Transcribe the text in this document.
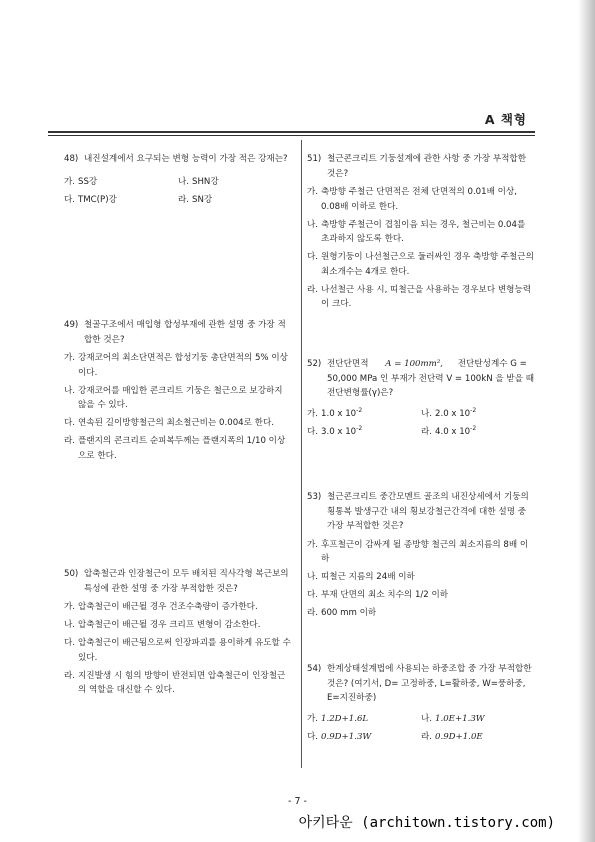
A 책형
48) 내진설계에서 요구되는 변형 능력이 가장 적은 강재는?
가. SS강	나. SHN강
다. TMC(P)강	라. SN강
49) 철골구조에서 매입형 합성부재에 관한 설명 중 가장 적합한 것은?
가. 강재코어의 최소단면적은 합성기둥 총단면적의 5% 이상이다.
나. 강재코어를 매입한 콘크리트 기둥은 철근으로 보강하지 않을 수 있다.
다. 연속된 길이방향철근의 최소철근비는 0.004로 한다.
라. 플랜지의 콘크리트 순피복두께는 플랜지폭의 1/10 이상으로 한다.
50) 압축철근과 인장철근이 모두 배치된 직사각형 복근보의 특성에 관한 설명 중 가장 부적합한 것은?
가. 압축철근이 배근될 경우 건조수축량이 증가한다.
나. 압축철근이 배근될 경우 크리프 변형이 감소한다.
다. 압축철근이 배근됨으로써 인장파괴를 용이하게 유도할 수 있다.
라. 지진발생 시 힘의 방향이 반전되면 압축철근이 인장철근의 역할을 대신할 수 있다.
51) 철근콘크리트 기둥설계에 관한 사항 중 가장 부적합한 것은?
가. 축방향 주철근 단면적은 전체 단면적의 0.01배 이상, 0.08배 이하로 한다.
나. 축방향 주철근이 겹침이음 되는 경우, 철근비는 0.04를 초과하지 않도록 한다.
다. 원형기둥이 나선철근으로 둘러싸인 경우 축방향 주철근의 최소개수는 4개로 한다.
라. 나선철근 사용 시, 띠철근을 사용하는 경우보다 변형능력이 크다.
52) 전단단면적 A = 100mm², 전단탄성계수 G = 50,000 MPa 인 부재가 전단력 V = 100kN 을 받을 때 전단변형률(γ)은?
가. 1.0 x $10^{-2}$	나. 2.0 x $10^{-2}$
다. 3.0 x $10^{-2}$	라. 4.0 x $10^{-2}$
53) 철근콘크리트 중간모멘트 골조의 내진상세에서 기둥의 횡통복 발생구간 내의 횡보강철근간격에 대한 설명 중 가장 부적합한 것은?
가. 후프철근이 감싸게 될 종방향 철근의 최소지름의 8배 이하
나. 띠철근 지름의 24배 이하
다. 부재 단면의 최소 치수의 1/2 이하
라. 600 mm 이하
54) 한계상태설계법에 사용되는 하중조합 중 가장 부적합한 것은? (여기서, D= 고정하중, L=활하중, W=풍하중, E=지진하중)
가. 1.2D+1.6L	나. 1.0E+1.3W
다. 0.9D+1.3W	라. 0.9D+1.0E
- 7 -
아키타운 (architown.tistory.com)
